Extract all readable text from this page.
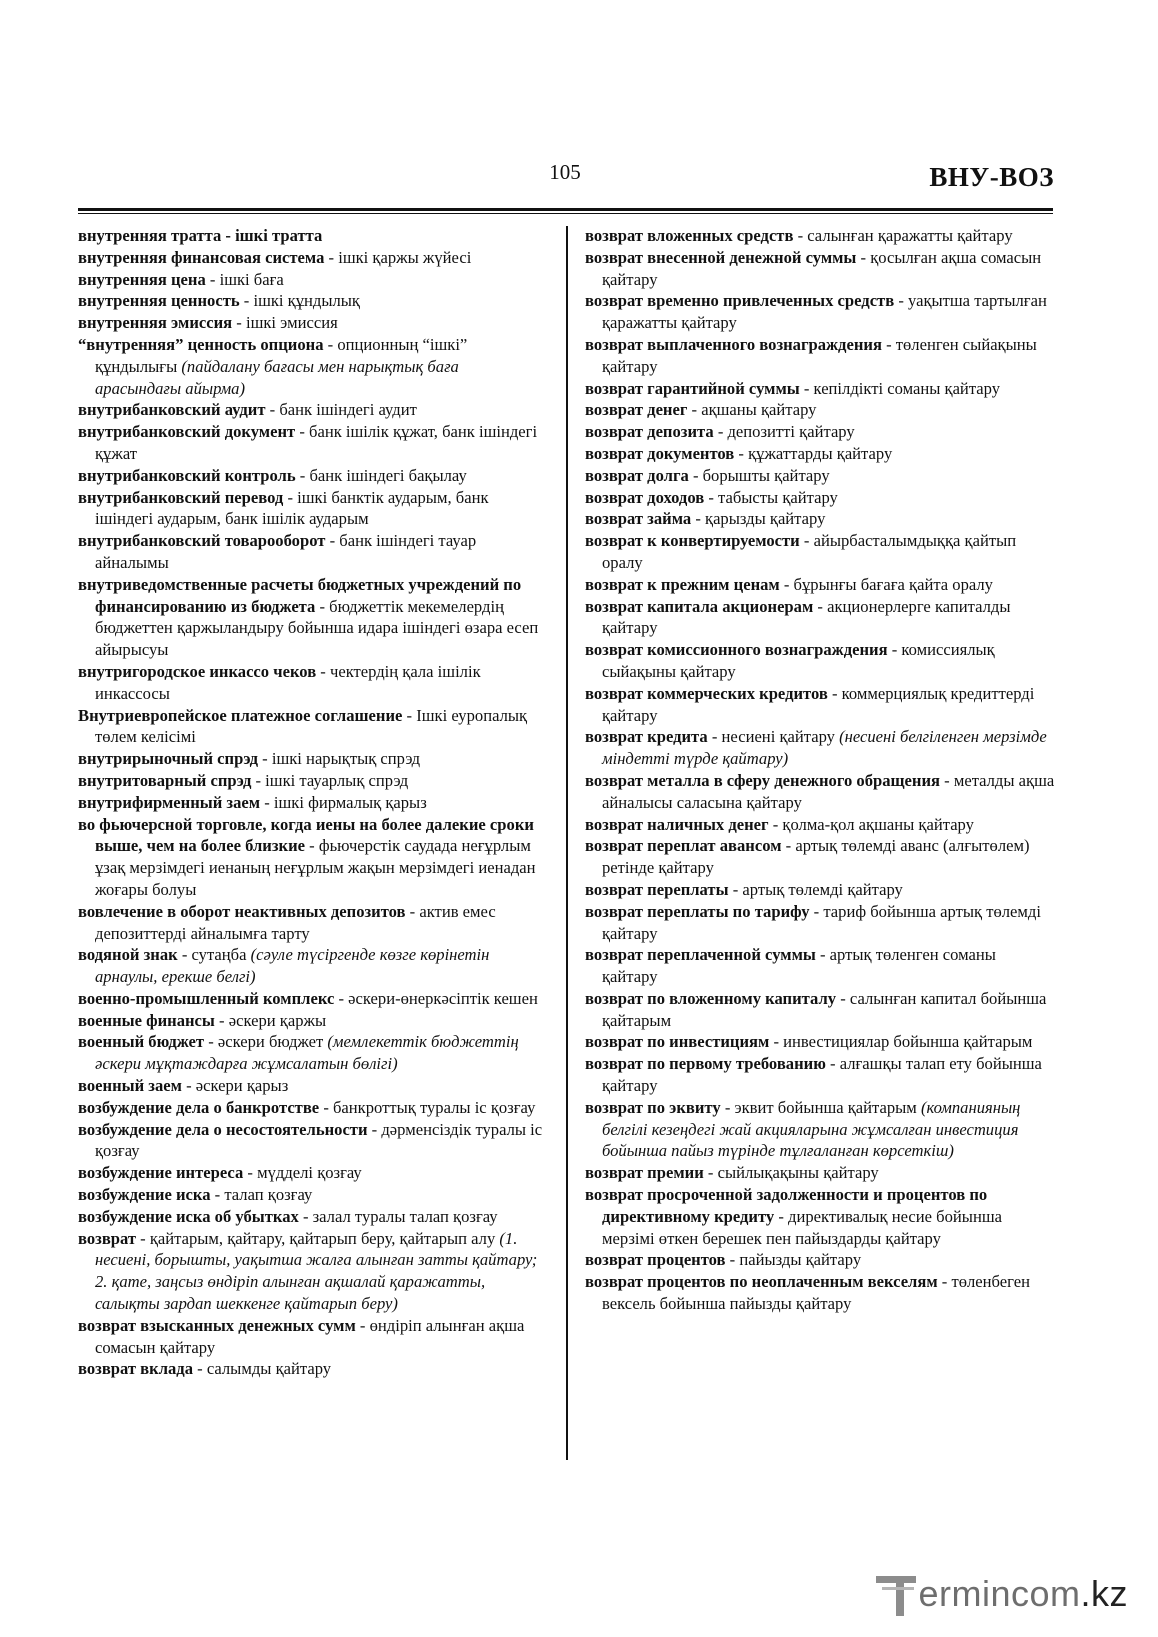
105	ВНУ-ВОЗ
внутренняя тратта - ішкі тратта
внутренняя финансовая система - ішкі қаржы жүйесі
внутренняя цена - ішкі баға
внутренняя ценность - ішкі құндылық
внутренняя эмиссия - ішкі эмиссия
“внутренняя” ценность опциона - опционның “ішкі” құндылығы (пайдалану бағасы мен нарықтық баға арасындағы айырма)
внутрибанковский аудит - банк ішіндегі аудит
внутрибанковский документ - банк ішілік құжат, банк ішіндегі құжат
внутрибанковский контроль - банк ішіндегі бақылау
внутрибанковский перевод - ішкі банктік аударым, банк ішіндегі аударым, банк ішілік аударым
внутрибанковский товарооборот - банк ішіндегі тауар айналымы
внутриведомственные расчеты бюджетных учреждений по финансированию из бюджета - бюджеттік мекемелердің бюджеттен қаржыландыру бойынша идара ішіндегі өзара есеп айырысуы
внутригородское инкассо чеков - чектердің қала ішілік инкассосы
Внутриевропейское платежное соглашение - Ішкі еуропалық төлем келісімі
внутрирыночный спрэд - ішкі нарықтық спрэд
внутритоварный спрэд - ішкі тауарлық спрэд
внутрифирменный заем - ішкі фирмалық қарыз
во фьючерсной торговле, когда иены на более далекие сроки выше, чем на более близкие - фьючерстік саудада неғұрлым ұзақ мерзімдегі иенаның неғұрлым жақын мерзімдегі иенадан жоғары болуы
вовлечение в оборот неактивных депозитов - актив емес депозиттерді айналымға тарту
водяной знак - сутаңба (сәуле түсіргенде көзге көрінетін арнаулы, ерекше белгі)
военно-промышленный комплекс - әскери-өнеркәсіптік кешен
военные финансы - әскери қаржы
военный бюджет - әскери бюджет (мемлекеттік бюджеттің әскери мұқтаждарға жұмсалатын бөлігі)
военный заем - әскери қарыз
возбуждение дела о банкротстве - банкроттық туралы іс қозғау
возбуждение дела о несостоятельности - дәрменсіздік туралы іс қозғау
возбуждение интереса - мүдделі қозғау
возбуждение иска - талап қозғау
возбуждение иска об убытках - залал туралы талап қозғау
возврат - қайтарым, қайтару, қайтарып беру, қайтарып алу (1. несиені, борышты, уақытша жалға алынған затты қайтару; 2. қате, заңсыз өндіріп алынған ақшалай қаражатты, салықты зардап шеккенге қайтарып беру)
возврат взысканных денежных сумм - өндіріп алынған ақша сомасын қайтару
возврат вклада - салымды қайтару
возврат вложенных средств - салынған қаражатты қайтару
возврат внесенной денежной суммы - қосылған ақша сомасын қайтару
возврат временно привлеченных средств - уақытша тартылған қаражатты қайтару
возврат выплаченного вознаграждения - төленген сыйақыны қайтару
возврат гарантийной суммы - кепілдікті соманы қайтару
возврат денег - ақшаны қайтару
возврат депозита - депозитті қайтару
возврат документов - құжаттарды қайтару
возврат долга - борышты қайтару
возврат доходов - табысты қайтару
возврат займа - қарызды қайтару
возврат к конвертируемости - айырбасталымдыққа қайтып оралу
возврат к прежним ценам - бұрынғы бағаға қайта оралу
возврат капитала акционерам - акционерлерге капиталды қайтару
возврат комиссионного вознаграждения - комиссиялық сыйақыны қайтару
возврат коммерческих кредитов - коммерциялық кредиттерді қайтару
возврат кредита - несиені қайтару (несиені белгіленген мерзімде міндетті түрде қайтару)
возврат металла в сферу денежного обращения - металды ақша айналысы саласына қайтару
возврат наличных денег - қолма-қол ақшаны қайтару
возврат переплат авансом - артық төлемді аванс (алғытөлем) ретінде қайтару
возврат переплаты - артық төлемді қайтару
возврат переплаты по тарифу - тариф бойынша артық төлемді қайтару
возврат переплаченной суммы - артық төленген соманы қайтару
возврат по вложенному капиталу - салынған капитал бойынша қайтарым
возврат по инвестициям - инвестициялар бойынша қайтарым
возврат по первому требованию - алғашқы талап ету бойынша қайтару
возврат по эквиту - эквит бойынша қайтарым (компанияның белгілі кезеңдегі жай акцияларына жұмсалған инвестиция бойынша пайыз түрінде тұлғаланған көрсеткіш)
возврат премии - сыйлықақыны қайтару
возврат просроченной задолженности и процентов по директивному кредиту - директивалық несие бойынша мерзімі өткен берешек пен пайыздарды қайтару
возврат процентов - пайызды қайтару
возврат процентов по неоплаченным векселям - төленбеген вексель бойынша пайызды қайтару
ermincom.kz
